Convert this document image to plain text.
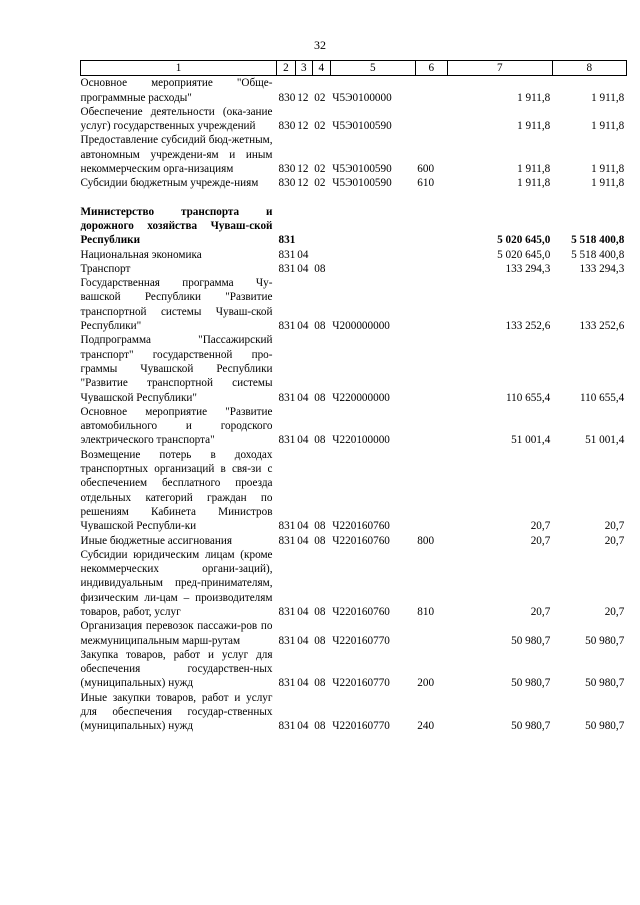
32
1	2	3	4	5	6	7	8
Основное мероприятие "Обще-программные расходы"	830	12	02	Ч5Э0100000		1 911,8	1 911,8
Обеспечение деятельности (ока-зание услуг) государственных учреждений	830	12	02	Ч5Э0100590		1 911,8	1 911,8
Предоставление субсидий бюд-жетным, автономным учреждени-ям и иным некоммерческим орга-низациям	830	12	02	Ч5Э0100590	600	1 911,8	1 911,8
Субсидии бюджетным учрежде-ниям	830	12	02	Ч5Э0100590	610	1 911,8	1 911,8

Министерство транспорта и дорожного хозяйства Чуваш-ской Республики	831					5 020 645,0	5 518 400,8
Национальная экономика	831	04				5 020 645,0	5 518 400,8
Транспорт	831	04	08			133 294,3	133 294,3
Государственная программа Чу-вашской Республики "Развитие транспортной системы Чуваш-ской Республики"	831	04	08	Ч200000000		133 252,6	133 252,6
Подпрограмма "Пассажирский транспорт" государственной про-граммы Чувашской Республики "Развитие транспортной системы Чувашской Республики"	831	04	08	Ч220000000		110 655,4	110 655,4
Основное мероприятие "Развитие автомобильного и городского электрического транспорта"	831	04	08	Ч220100000		51 001,4	51 001,4
Возмещение потерь в доходах транспортных организаций в свя-зи с обеспечением бесплатного проезда отдельных категорий граждан по решениям Кабинета Министров Чувашской Республи-ки	831	04	08	Ч220160760		20,7	20,7
Иные бюджетные ассигнования	831	04	08	Ч220160760	800	20,7	20,7
Субсидии юридическим лицам (кроме некоммерческих органи-заций), индивидуальным пред-принимателям, физическим ли-цам – производителям товаров, работ, услуг	831	04	08	Ч220160760	810	20,7	20,7
Организация перевозок пассажи-ров по межмуниципальным марш-рутам	831	04	08	Ч220160770		50 980,7	50 980,7
Закупка товаров, работ и услуг для обеспечения государствен-ных (муниципальных) нужд	831	04	08	Ч220160770	200	50 980,7	50 980,7
Иные закупки товаров, работ и услуг для обеспечения государ-ственных (муниципальных) нужд	831	04	08	Ч220160770	240	50 980,7	50 980,7
